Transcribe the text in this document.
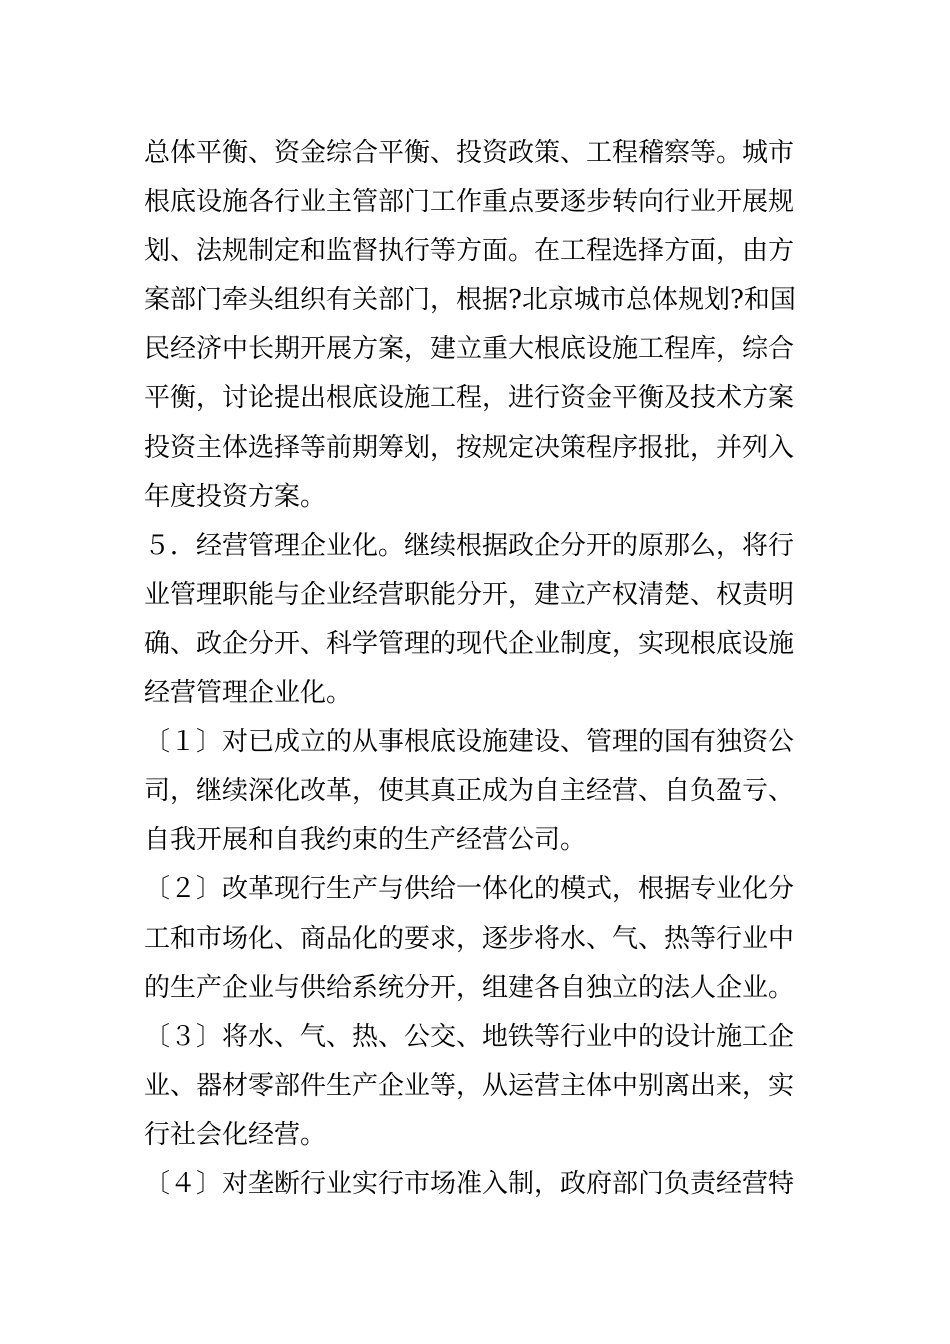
总体平衡、资金综合平衡、投资政策、工程稽察等。城市
根底设施各行业主管部门工作重点要逐步转向行业开展规
划、法规制定和监督执行等方面。在工程选择方面，由方
案部门牵头组织有关部门，根据?北京城市总体规划?和国
民经济中长期开展方案，建立重大根底设施工程库，综合
平衡，讨论提出根底设施工程，进行资金平衡及技术方案
投资主体选择等前期筹划，按规定决策程序报批，并列入
年度投资方案。
５．经营管理企业化。继续根据政企分开的原那么，将行
业管理职能与企业经营职能分开，建立产权清楚、权责明
确、政企分开、科学管理的现代企业制度，实现根底设施
经营管理企业化。
〔１〕对已成立的从事根底设施建设、管理的国有独资公
司，继续深化改革，使其真正成为自主经营、自负盈亏、
自我开展和自我约束的生产经营公司。
〔２〕改革现行生产与供给一体化的模式，根据专业化分
工和市场化、商品化的要求，逐步将水、气、热等行业中
的生产企业与供给系统分开，组建各自独立的法人企业。
〔３〕将水、气、热、公交、地铁等行业中的设计施工企
业、器材零部件生产企业等，从运营主体中别离出来，实
行社会化经营。
〔４〕对垄断行业实行市场准入制，政府部门负责经营特
